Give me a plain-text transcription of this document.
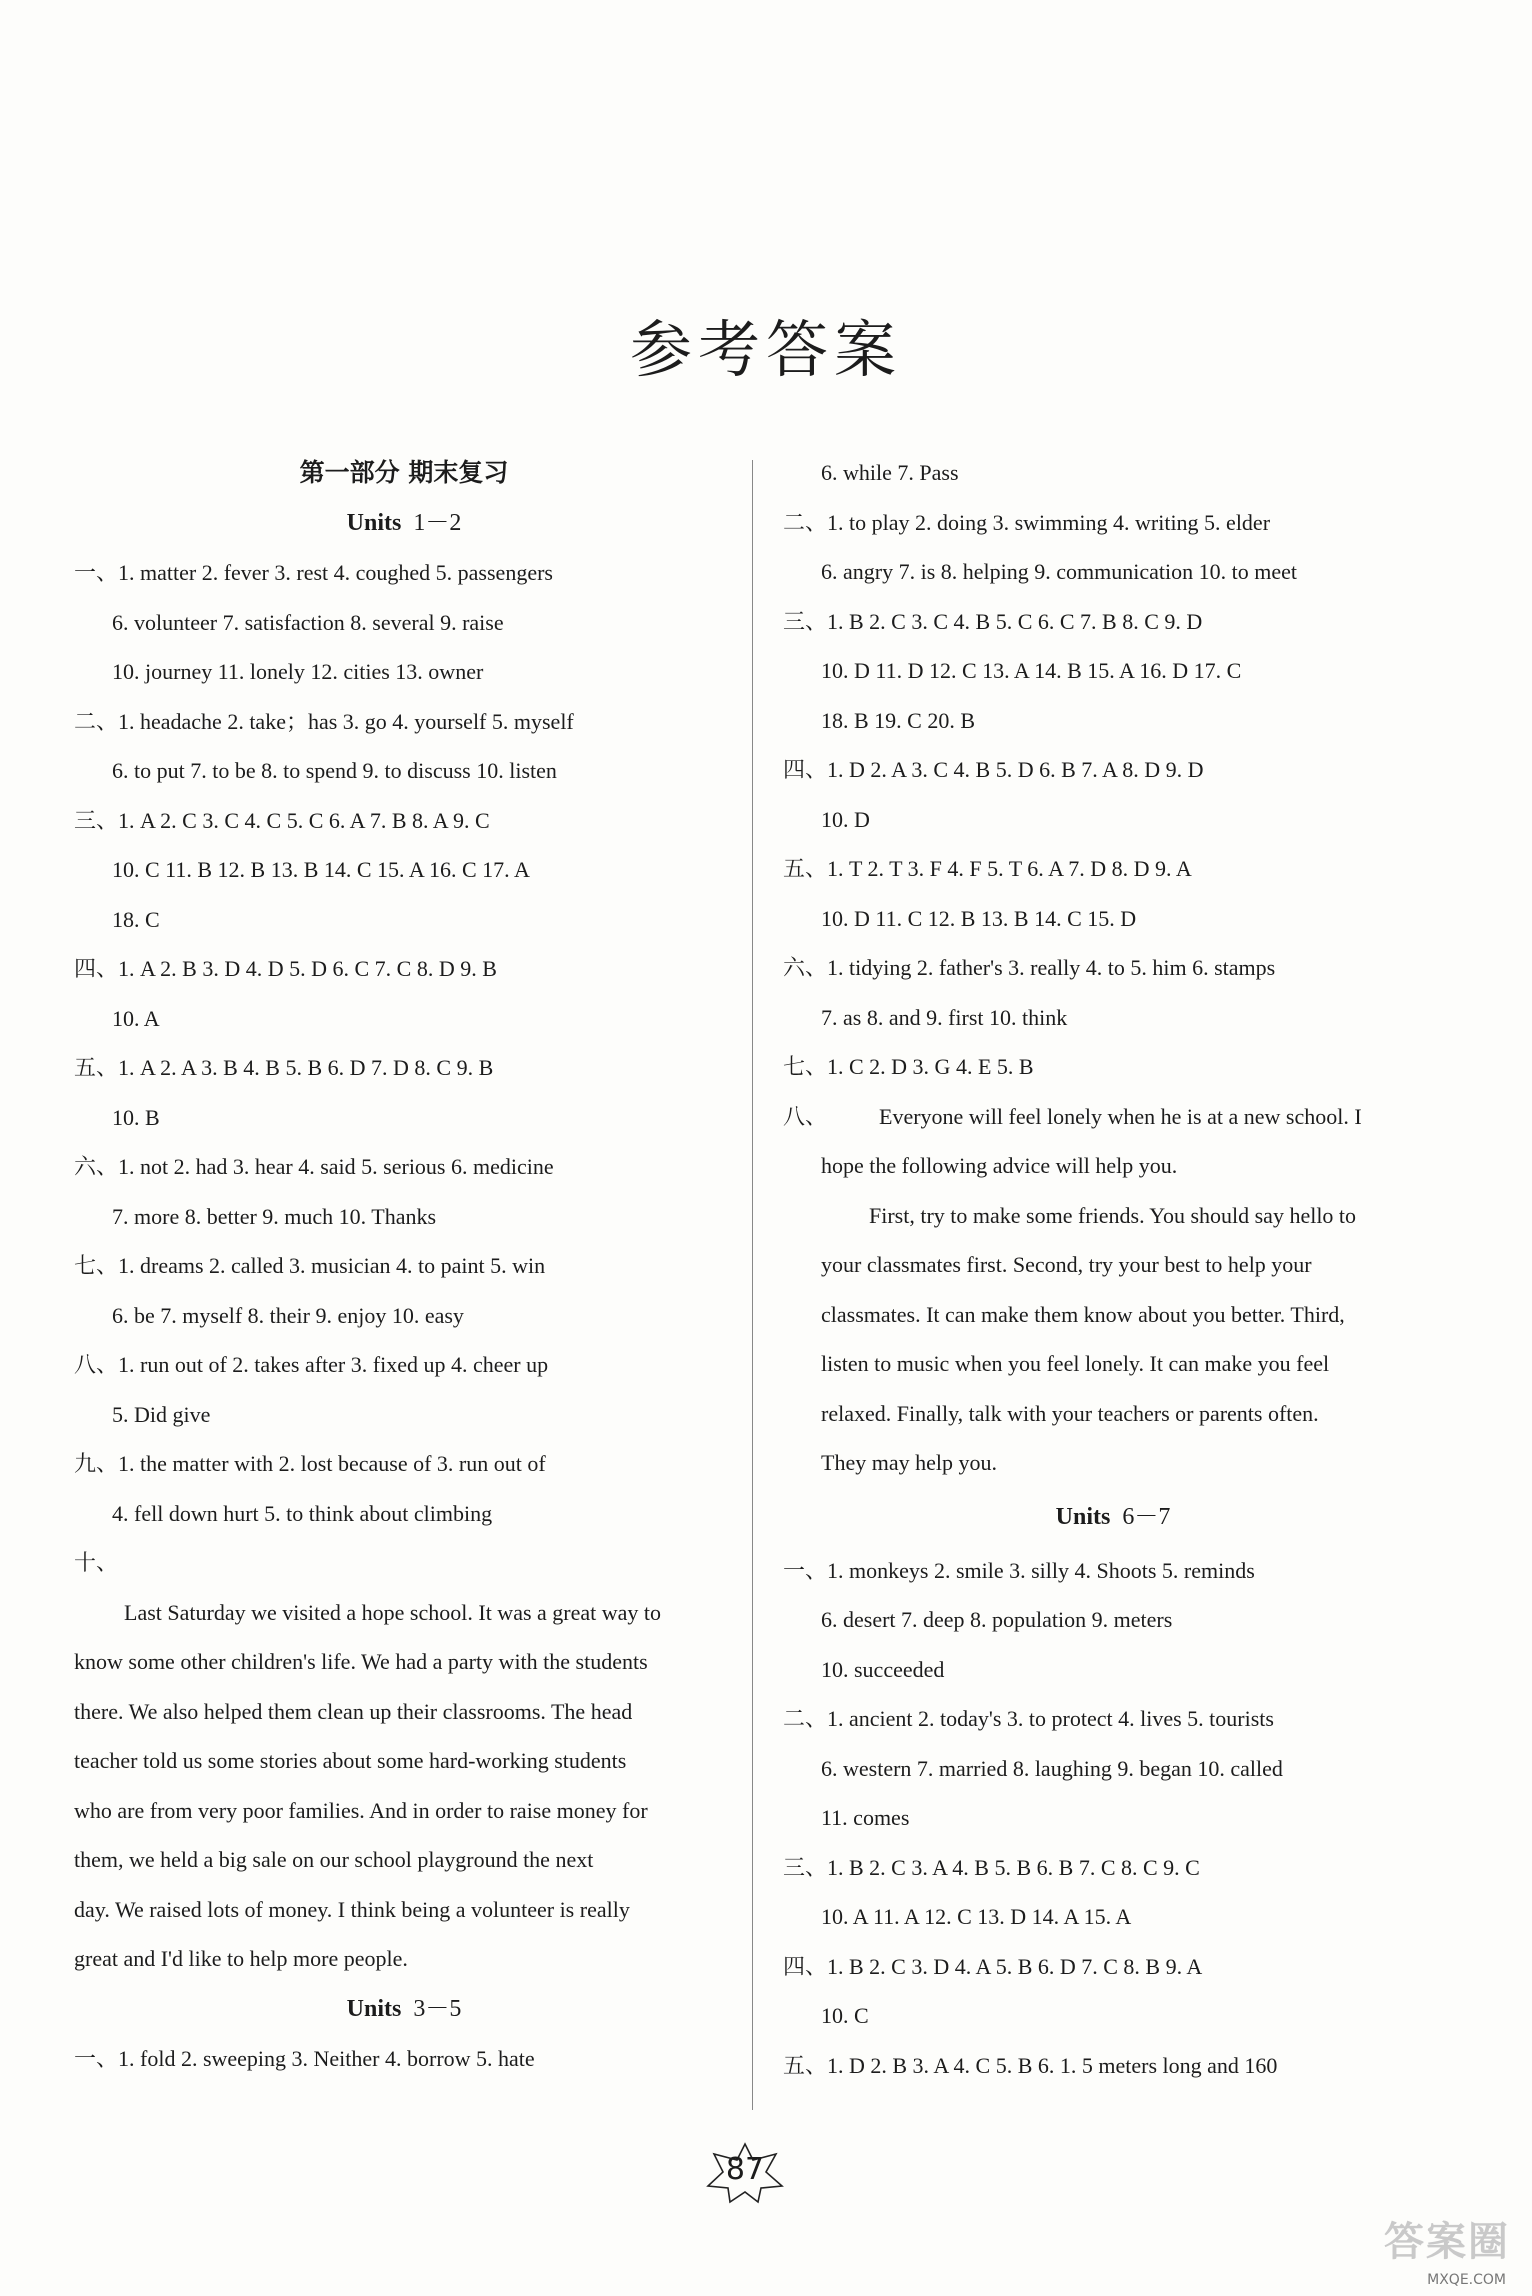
参考答案
第一部分 期末复习
Units 1－2
一、1. matter 2. fever 3. rest 4. coughed 5. passengers
6. volunteer 7. satisfaction 8. several 9. raise
10. journey 11. lonely 12. cities 13. owner
二、1. headache 2. take；has 3. go 4. yourself 5. myself
6. to put 7. to be 8. to spend 9. to discuss 10. listen
三、1. A 2. C 3. C 4. C 5. C 6. A 7. B 8. A 9. C
10. C 11. B 12. B 13. B 14. C 15. A 16. C 17. A
18. C
四、1. A 2. B 3. D 4. D 5. D 6. C 7. C 8. D 9. B
10. A
五、1. A 2. A 3. B 4. B 5. B 6. D 7. D 8. C 9. B
10. B
六、1. not 2. had 3. hear 4. said 5. serious 6. medicine
7. more 8. better 9. much 10. Thanks
七、1. dreams 2. called 3. musician 4. to paint 5. win
6. be 7. myself 8. their 9. enjoy 10. easy
八、1. run out of 2. takes after 3. fixed up 4. cheer up
5. Did give
九、1. the matter with 2. lost because of 3. run out of
4. fell down hurt 5. to think about climbing
十、
Last Saturday we visited a hope school. It was a great way to
know some other children's life. We had a party with the students
there. We also helped them clean up their classrooms. The head
teacher told us some stories about some hard-working students
who are from very poor families. And in order to raise money for
them, we held a big sale on our school playground the next
day. We raised lots of money. I think being a volunteer is really
great and I'd like to help more people.
Units 3－5
一、1. fold 2. sweeping 3. Neither 4. borrow 5. hate
6. while 7. Pass
二、1. to play 2. doing 3. swimming 4. writing 5. elder
6. angry 7. is 8. helping 9. communication 10. to meet
三、1. B 2. C 3. C 4. B 5. C 6. C 7. B 8. C 9. D
10. D 11. D 12. C 13. A 14. B 15. A 16. D 17. C
18. B 19. C 20. B
四、1. D 2. A 3. C 4. B 5. D 6. B 7. A 8. D 9. D
10. D
五、1. T 2. T 3. F 4. F 5. T 6. A 7. D 8. D 9. A
10. D 11. C 12. B 13. B 14. C 15. D
六、1. tidying 2. father's 3. really 4. to 5. him 6. stamps
7. as 8. and 9. first 10. think
七、1. C 2. D 3. G 4. E 5. B
八、 Everyone will feel lonely when he is at a new school. I
hope the following advice will help you.
First, try to make some friends. You should say hello to
your classmates first. Second, try your best to help your
classmates. It can make them know about you better. Third,
listen to music when you feel lonely. It can make you feel
relaxed. Finally, talk with your teachers or parents often.
They may help you.
Units 6－7
一、1. monkeys 2. smile 3. silly 4. Shoots 5. reminds
6. desert 7. deep 8. population 9. meters
10. succeeded
二、1. ancient 2. today's 3. to protect 4. lives 5. tourists
6. western 7. married 8. laughing 9. began 10. called
11. comes
三、1. B 2. C 3. A 4. B 5. B 6. B 7. C 8. C 9. C
10. A 11. A 12. C 13. D 14. A 15. A
四、1. B 2. C 3. D 4. A 5. B 6. D 7. C 8. B 9. A
10. C
五、1. D 2. B 3. A 4. C 5. B 6. 1. 5 meters long and 160
87
答案圈
MXQE.COM
